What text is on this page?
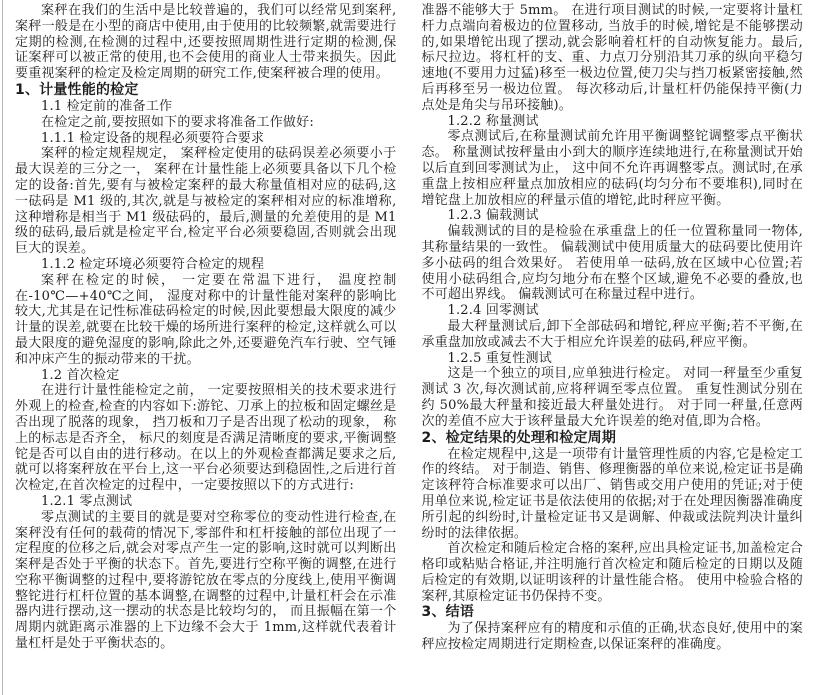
案秤在我们的生活中是比较普遍的，我们可以经常见到案秤,案秤一般是在小型的商店中使用,由于使用的比较频繁,就需要进行定期的检测,在检测的过程中,还要按照周期性进行定期的检测,保证案秤可以被正常的使用,也不会使用的商业人士带来损失。因此要重视案秤的检定及检定周期的研究工作,使案秤被合理的使用。
1、计量性能的检定
1.1 检定前的准备工作
在检定之前,要按照如下的要求将准备工作做好:
1.1.1 检定设备的规程必须要符合要求
案秤的检定规程规定， 案秤检定使用的砝码误差必须要小于最大误差的三分之一， 案秤在计量性能上必须要具备以下几个检定的设备:首先,要有与被检定案秤的最大称量值相对应的砝码,这一砝码是 M1 级的,其次,就是与被检定的案秤相对应的标准增称,这种增称是相当于 M1 级砝码的，最后,测量的允差使用的是 M1 级的砝码,最后就是检定平台,检定平台必须要稳固,否则就会出现巨大的误差。
1.1.2 检定环境必须要符合检定的规程
案秤在检定的时候， 一定要在常温下进行， 温度控制在-10℃—+40℃之间， 湿度对称中的计量性能对案秤的影响比较大,尤其是在记性标准砝码检定的时候,因此要想最大限度的减少计量的误差,就要在比较干燥的场所进行案秤的检定,这样就么可以最大限度的避免湿度的影响,除此之外,还要避免汽车行驶、空气锤和冲床产生的振动带来的干扰。
1.2 首次检定
在进行计量性能检定之前， 一定要按照相关的技术要求进行外观上的检查,检查的内容如下:游铊、刀承上的拉板和固定螺丝是否出现了脱落的现象， 挡刀板和刀子是否出现了松动的现象， 称上的标志是否齐全， 标尺的刻度是否满足清晰度的要求,平衡调整铊是否可以自由的进行移动。在以上的外观检查都满足要求之后,就可以将案秤放在平台上,这一平台必须要达到稳固性,之后进行首次检定,在首次检定的过程中，一定要按照以下的方式进行:
1.2.1 零点测试
零点测试的主要目的就是要对空称零位的变动性进行检查,在案秤没有任何的载荷的情况下,零部件和杠杆接触的部位出现了一定程度的位移之后,就会对零点产生一定的影响,这时就可以判断出案秤是否处于平衡的状态下。首先,要进行空称平衡的调整,在进行空称平衡调整的过程中,要将游铊放在零点的分度线上,使用平衡调整铊进行杠杆位置的基本调整,在调整的过程中,计量杠杆会在示准器内进行摆动,这一摆动的状态是比较均匀的， 而且振幅在第一个周期内就距离示准器的上下边缘不会大于 1mm,这样就代表着计量杠杆是处于平衡状态的。
准器不能够大于 5mm。 在进行项目测试的时候,一定要将计量杠杆力点端向着极边的位置移动, 当放手的时候,增铊是不能够摆动的,如果增铊出现了摆动,就会影响着杠杆的自动恢复能力。最后,标尺拉边。将杠杆的支、重、力点刀分别沿其刀承的纵向平稳匀速地(不要用力过猛)移至一极边位置,使刀尖与挡刀板紧密接触,然后再移至另一极边位置。 每次移动后,计量杠杆仍能保持平衡(力点处是角尖与吊环接触)。
1.2.2 称量测试
零点测试后,在称量测试前允许用平衡调整铊调整零点平衡状态。 称量测试按秤量由小到大的顺序连续地进行,在称量测试开始以后直到回零测试为止， 这中间不允许再调整零点。测试时,在承重盘上按相应秤量点加放相应的砝码(均匀分布不要堆积),同时在增铊盘上加放相应的秤量示值的增铊,此时秤应平衡。
1.2.3 偏载测试
偏载测试的目的是检验在承重盘上的任一位置称量同一物体,其称量结果的一致性。 偏载测试中使用质量大的砝码要比使用许多小砝码的组合效果好。 若使用单一砝码,放在区域中心位置;若使用小砝码组合,应均匀地分布在整个区域,避免不必要的叠放,也不可超出界线。 偏载测试可在称量过程中进行。
1.2.4 回零测试
最大秤量测试后,卸下全部砝码和增铊,秤应平衡;若不平衡,在承重盘加放或减去不大于相应允许误差的砝码,秤应平衡。
1.2.5 重复性测试
这是一个独立的项目,应单独进行检定。 对同一秤量至少重复测试 3 次,每次测试前,应将秤调至零点位置。 重复性测试分别在约 50%最大秤量和接近最大秤量处进行。 对于同一秤量,任意两次的差值不应大于该秤量最大允许误差的绝对值,即为合格。
2、检定结果的处理和检定周期
在检定规程中,这是一项带有计量管理性质的内容,它是检定工作的终结。 对于制造、销售、修理衡器的单位来说,检定证书是确定该秤符合标准要求可以出厂、销售或交用户使用的凭证;对于使用单位来说,检定证书是依法使用的依据;对于在处理因衡器准确度所引起的纠纷时,计量检定证书又是调解、仲裁或法院判决计量纠纷时的法律依据。
首次检定和随后检定合格的案秤,应出具检定证书,加盖检定合格印或粘贴合格证,并注明施行首次检定和随后检定的日期以及随后检定的有效期,以证明该秤的计量性能合格。 使用中检验合格的案秤,其原检定证书仍保持不变。
3、结语
为了保持案秤应有的精度和示值的正确,状态良好,使用中的案秤应按检定周期进行定期检查,以保证案秤的准确度。
